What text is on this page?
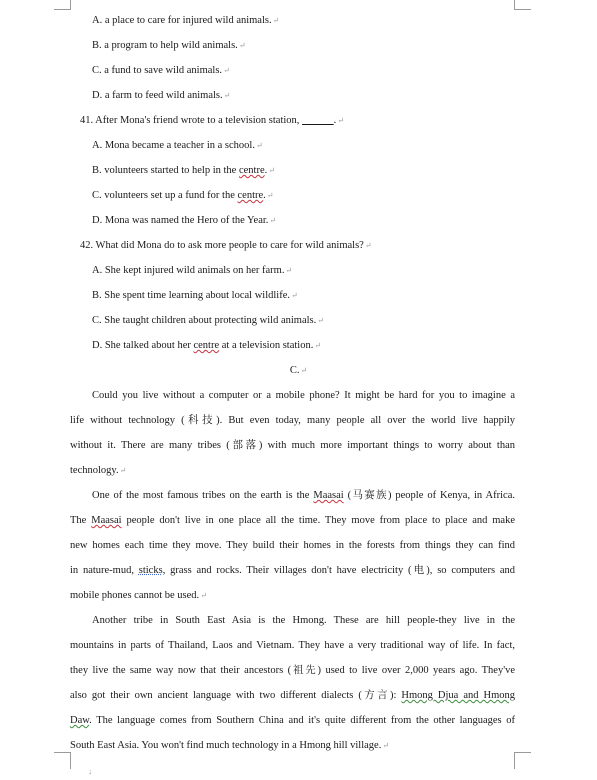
A. a place to care for injured wild animals.↵
B. a program to help wild animals.↵
C. a fund to save wild animals.↵
D. a farm to feed wild animals.↵
41. After Mona's friend wrote to a television station, ______.↵
A. Mona became a teacher in a school.↵
B. volunteers started to help in the centre.↵
C. volunteers set up a fund for the centre.↵
D. Mona was named the Hero of the Year.↵
42. What did Mona do to ask more people to care for wild animals?↵
A. She kept injured wild animals on her farm.↵
B. She spent time learning about local wildlife.↵
C. She taught children about protecting wild animals.↵
D. She talked about her centre at a television station.↵
C.↵
Could you live without a computer or a mobile phone? It might be hard for you to imagine a
life without technology (科技). But even today, many people all over the world live happily
without it. There are many tribes (部落) with much more important things to worry about than
technology.↵
One of the most famous tribes on the earth is the Maasai (马赛族) people of Kenya, in Africa.
The Maasai people don't live in one place all the time. They move from place to place and make
new homes each time they move. They build their homes in the forests from things they can find
in nature-mud, sticks, grass and rocks. Their villages don't have electricity (电), so computers and
mobile phones cannot be used.↵
Another tribe in South East Asia is the Hmong. These are hill people-they live in the
mountains in parts of Thailand, Laos and Vietnam. They have a very traditional way of life. In fact,
they live the same way now that their ancestors (祖先) used to live over 2,000 years ago. They've
also got their own ancient language with two different dialects (方言): Hmong Djua and Hmong
Daw. The language comes from Southern China and it's quite different from the other languages of
South East Asia. You won't find much technology in a Hmong hill village.↵
↓
